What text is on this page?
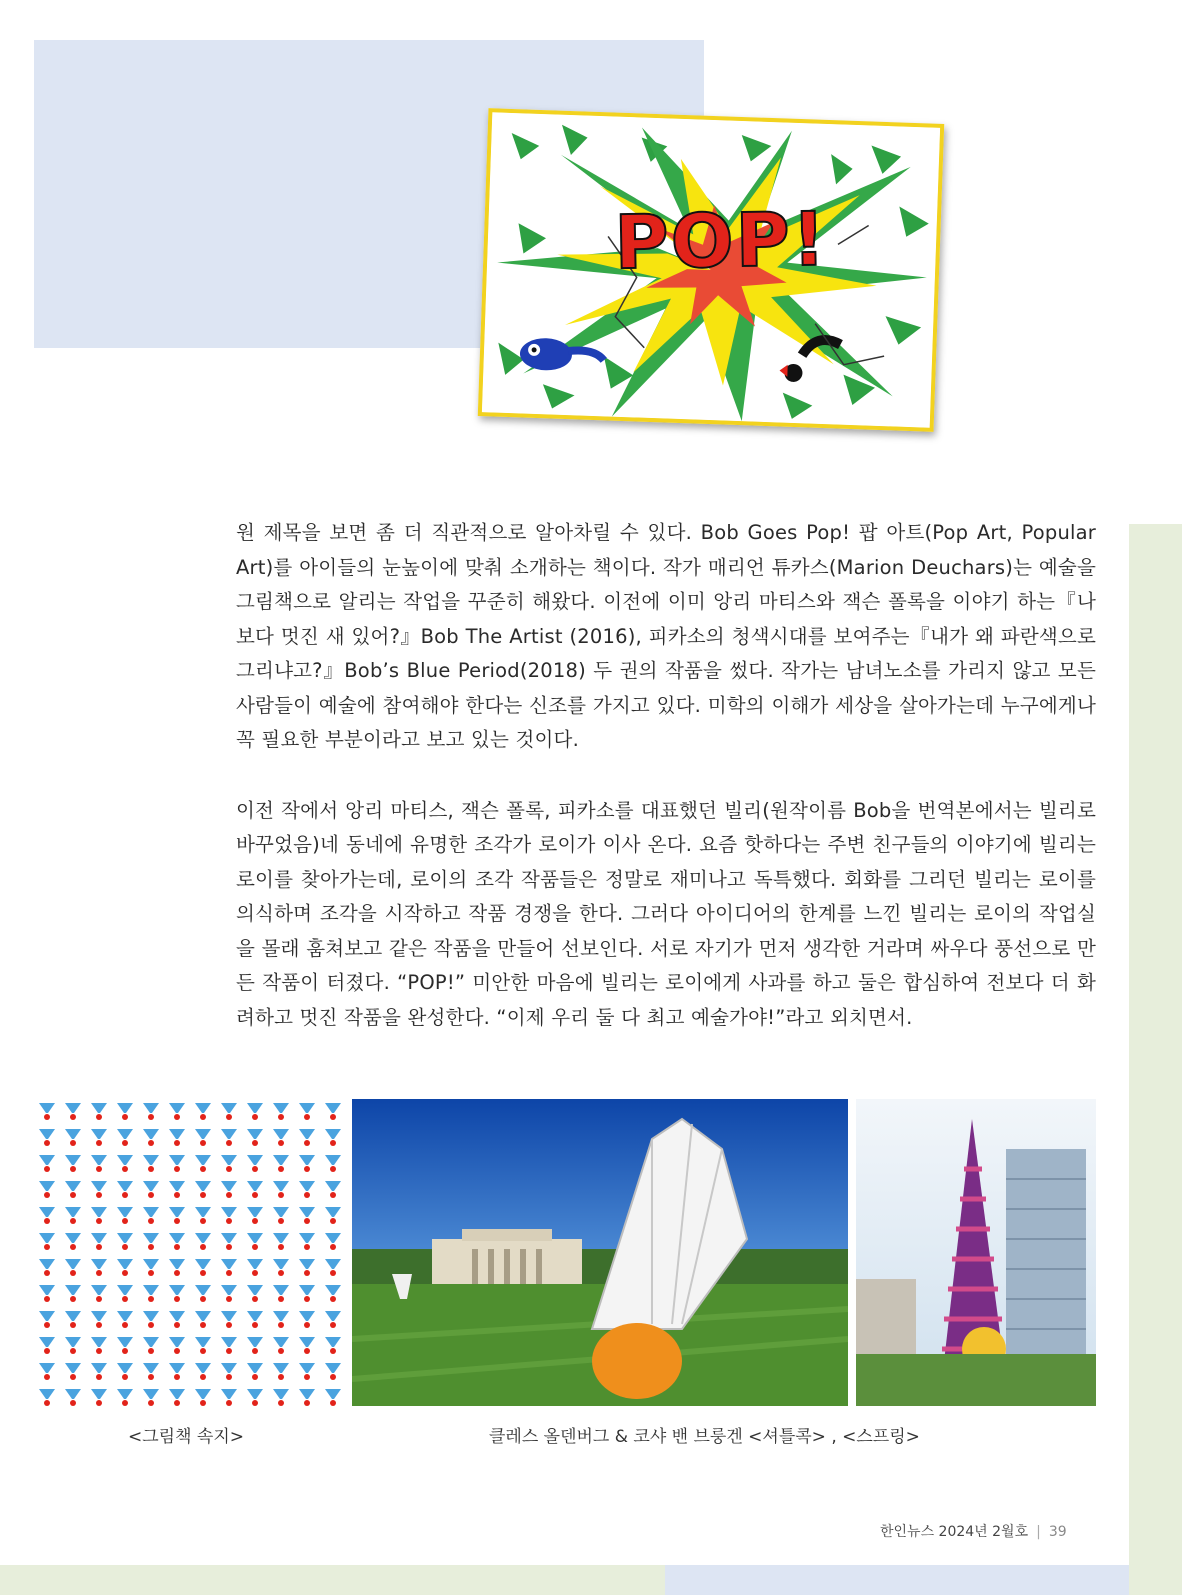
POP!

원 제목을 보면 좀 더 직관적으로 알아차릴 수 있다. Bob Goes Pop! 팝 아트(Pop Art, Popular Art)를 아이들의 눈높이에 맞춰 소개하는 책이다. 작가 매리언 튜카스(Marion Deuchars)는 예술을 그림책으로 알리는 작업을 꾸준히 해왔다. 이전에 이미 앙리 마티스와 잭슨 폴록을 이야기 하는『나보다 멋진 새 있어?』Bob The Artist (2016), 피카소의 청색시대를 보여주는『내가 왜 파란색으로 그리냐고?』Bob’s Blue Period(2018) 두 권의 작품을 썼다. 작가는 남녀노소를 가리지 않고 모든 사람들이 예술에 참여해야 한다는 신조를 가지고 있다. 미학의 이해가 세상을 살아가는데 누구에게나 꼭 필요한 부분이라고 보고 있는 것이다.

이전 작에서 앙리 마티스, 잭슨 폴록, 피카소를 대표했던 빌리(원작이름 Bob을 번역본에서는 빌리로 바꾸었음)네 동네에 유명한 조각가 로이가 이사 온다. 요즘 핫하다는 주변 친구들의 이야기에 빌리는 로이를 찾아가는데, 로이의 조각 작품들은 정말로 재미나고 독특했다. 회화를 그리던 빌리는 로이를 의식하며 조각을 시작하고 작품 경쟁을 한다. 그러다 아이디어의 한계를 느낀 빌리는 로이의 작업실을 몰래 훔쳐보고 같은 작품을 만들어 선보인다. 서로 자기가 먼저 생각한 거라며 싸우다 풍선으로 만든 작품이 터졌다. “POP!” 미안한 마음에 빌리는 로이에게 사과를 하고 둘은 합심하여 전보다 더 화려하고 멋진 작품을 완성한다. “이제 우리 둘 다 최고 예술가야!”라고 외치면서.

<그림책 속지>	클레스 올덴버그 & 코샤 밴 브룽겐 <셔틀콕> , <스프링>
한인뉴스 2024년 2월호 | 39
